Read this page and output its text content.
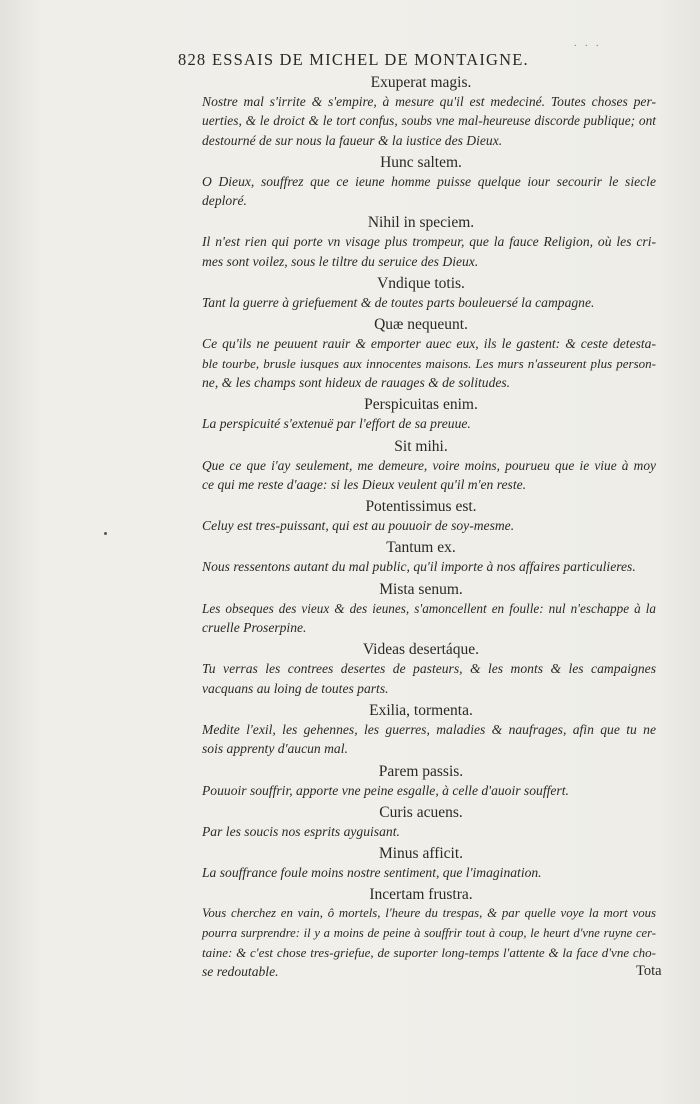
828 ESSAIS DE MICHEL DE MONTAIGNE.
. . .
Exuperat magis.
Nostre mal s'irrite & s'empire, à mesure qu'il est medeciné. Toutes choses per-
uerties, & le droict & le tort confus, soubs vne mal-heureuse discorde publique; ont
destourné de sur nous la faueur & la iustice des Dieux.
Hunc saltem.
O Dieux, souffrez que ce ieune homme puisse quelque iour secourir le siecle
deploré.
Nihil in speciem.
Il n'est rien qui porte vn visage plus trompeur, que la fauce Religion, où les cri-
mes sont voilez, sous le tiltre du seruice des Dieux.
Vndique totis.
Tant la guerre à griefuement & de toutes parts bouleuersé la campagne.
Quæ nequeunt.
Ce qu'ils ne peuuent rauir & emporter auec eux, ils le gastent: & ceste detesta-
ble tourbe, brusle iusques aux innocentes maisons. Les murs n'asseurent plus person-
ne, & les champs sont hideux de rauages & de solitudes.
Perspicuitas enim.
La perspicuité s'extenuë par l'effort de sa preuue.
Sit mihi.
Que ce que i'ay seulement, me demeure, voire moins, pourueu que ie viue à moy
ce qui me reste d'aage: si les Dieux veulent qu'il m'en reste.
Potentissimus est.
Celuy est tres-puissant, qui est au pouuoir de soy-mesme.
Tantum ex.
Nous ressentons autant du mal public, qu'il importe à nos affaires particulieres.
Mista senum.
Les obseques des vieux & des ieunes, s'amoncellent en foulle: nul n'eschappe à la
cruelle Proserpine.
Videas desertáque.
Tu verras les contrees desertes de pasteurs, & les monts & les campaignes
vacquans au loing de toutes parts.
Exilia, tormenta.
Medite l'exil, les gehennes, les guerres, maladies & naufrages, afin que tu ne
sois apprenty d'aucun mal.
Parem passis.
Pouuoir souffrir, apporte vne peine esgalle, à celle d'auoir souffert.
Curis acuens.
Par les soucis nos esprits ayguisant.
Minus afficit.
La souffrance foule moins nostre sentiment, que l'imagination.
Incertam frustra.
Vous cherchez en vain, ô mortels, l'heure du trespas, & par quelle voye la mort vous
pourra surprendre: il y a moins de peine à souffrir tout à coup, le heurt d'vne ruyne cer-
taine: & c'est chose tres-griefue, de suporter long-temps l'attente & la face d'vne cho-
se redoutable.	Tota
